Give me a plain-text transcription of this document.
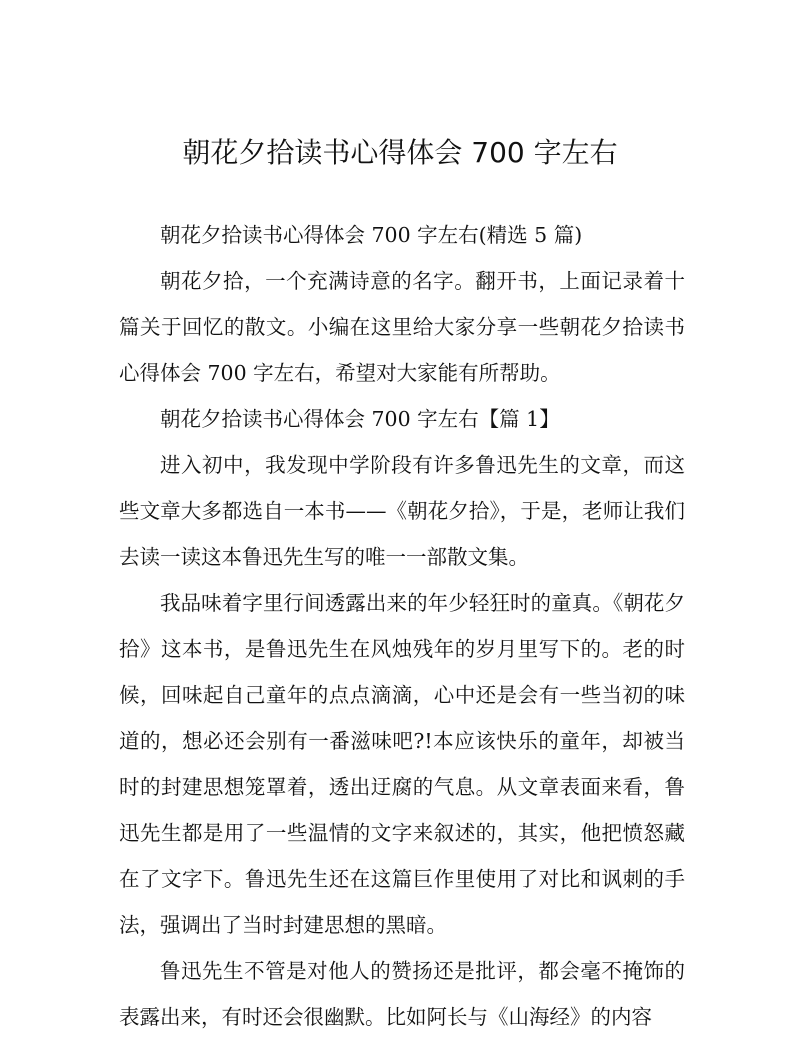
朝花夕拾读书心得体会 700 字左右

朝花夕拾读书心得体会 700 字左右(精选 5 篇)

朝花夕拾，一个充满诗意的名字。翻开书，上面记录着十篇关于回忆的散文。小编在这里给大家分享一些朝花夕拾读书心得体会 700 字左右，希望对大家能有所帮助。

朝花夕拾读书心得体会 700 字左右【篇 1】

进入初中，我发现中学阶段有许多鲁迅先生的文章，而这些文章大多都选自一本书——《朝花夕拾》，于是，老师让我们去读一读这本鲁迅先生写的唯一一部散文集。

我品味着字里行间透露出来的年少轻狂时的童真。《朝花夕拾》这本书，是鲁迅先生在风烛残年的岁月里写下的。老的时候，回味起自己童年的点点滴滴，心中还是会有一些当初的味道的，想必还会别有一番滋味吧?!本应该快乐的童年，却被当时的封建思想笼罩着，透出迂腐的气息。从文章表面来看，鲁迅先生都是用了一些温情的文字来叙述的，其实，他把愤怒藏在了文字下。鲁迅先生还在这篇巨作里使用了对比和讽刺的手法，强调出了当时封建思想的黑暗。

鲁迅先生不管是对他人的赞扬还是批评，都会毫不掩饰的表露出来，有时还会很幽默。比如阿长与《山海经》的内容
